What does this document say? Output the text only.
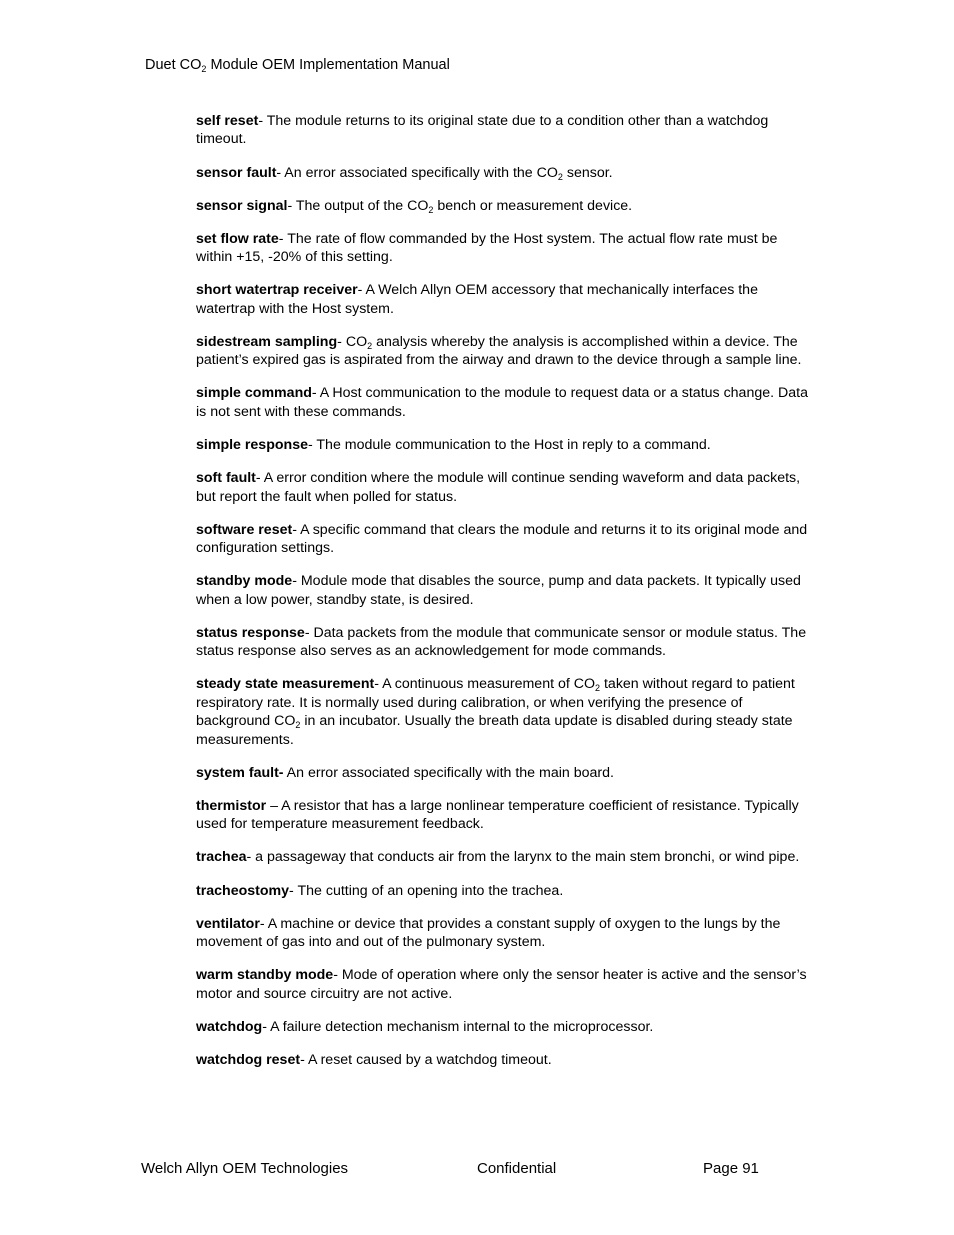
Duet $CO_2$ Module OEM Implementation Manual

self reset- The module returns to its original state due to a condition other than a watchdog timeout.

sensor fault- An error associated specifically with the $CO_2$ sensor.

sensor signal- The output of the $CO_2$ bench or measurement device.

set flow rate- The rate of flow commanded by the Host system. The actual flow rate must be within +15, -20% of this setting.

short watertrap receiver- A Welch Allyn OEM accessory that mechanically interfaces the watertrap with the Host system.

sidestream sampling- $CO_2$ analysis whereby the analysis is accomplished within a device. The patient’s expired gas is aspirated from the airway and drawn to the device through a sample line.

simple command- A Host communication to the module to request data or a status change. Data is not sent with these commands.

simple response- The module communication to the Host in reply to a command.

soft fault- A error condition where the module will continue sending waveform and data packets, but report the fault when polled for status.

software reset- A specific command that clears the module and returns it to its original mode and configuration settings.

standby mode- Module mode that disables the source, pump and data packets. It typically used when a low power, standby state, is desired.

status response- Data packets from the module that communicate sensor or module status. The status response also serves as an acknowledgement for mode commands.

steady state measurement- A continuous measurement of $CO_2$ taken without regard to patient respiratory rate. It is normally used during calibration, or when verifying the presence of background $CO_2$ in an incubator. Usually the breath data update is disabled during steady state measurements.

system fault- An error associated specifically with the main board.

thermistor – A resistor that has a large nonlinear temperature coefficient of resistance. Typically used for temperature measurement feedback.

trachea- a passageway that conducts air from the larynx to the main stem bronchi, or wind pipe.

tracheostomy- The cutting of an opening into the trachea.

ventilator- A machine or device that provides a constant supply of oxygen to the lungs by the movement of gas into and out of the pulmonary system.

warm standby mode- Mode of operation where only the sensor heater is active and the sensor’s motor and source circuitry are not active.

watchdog- A failure detection mechanism internal to the microprocessor.

watchdog reset- A reset caused by a watchdog timeout.

Welch Allyn OEM Technologies	Confidential	Page 91
